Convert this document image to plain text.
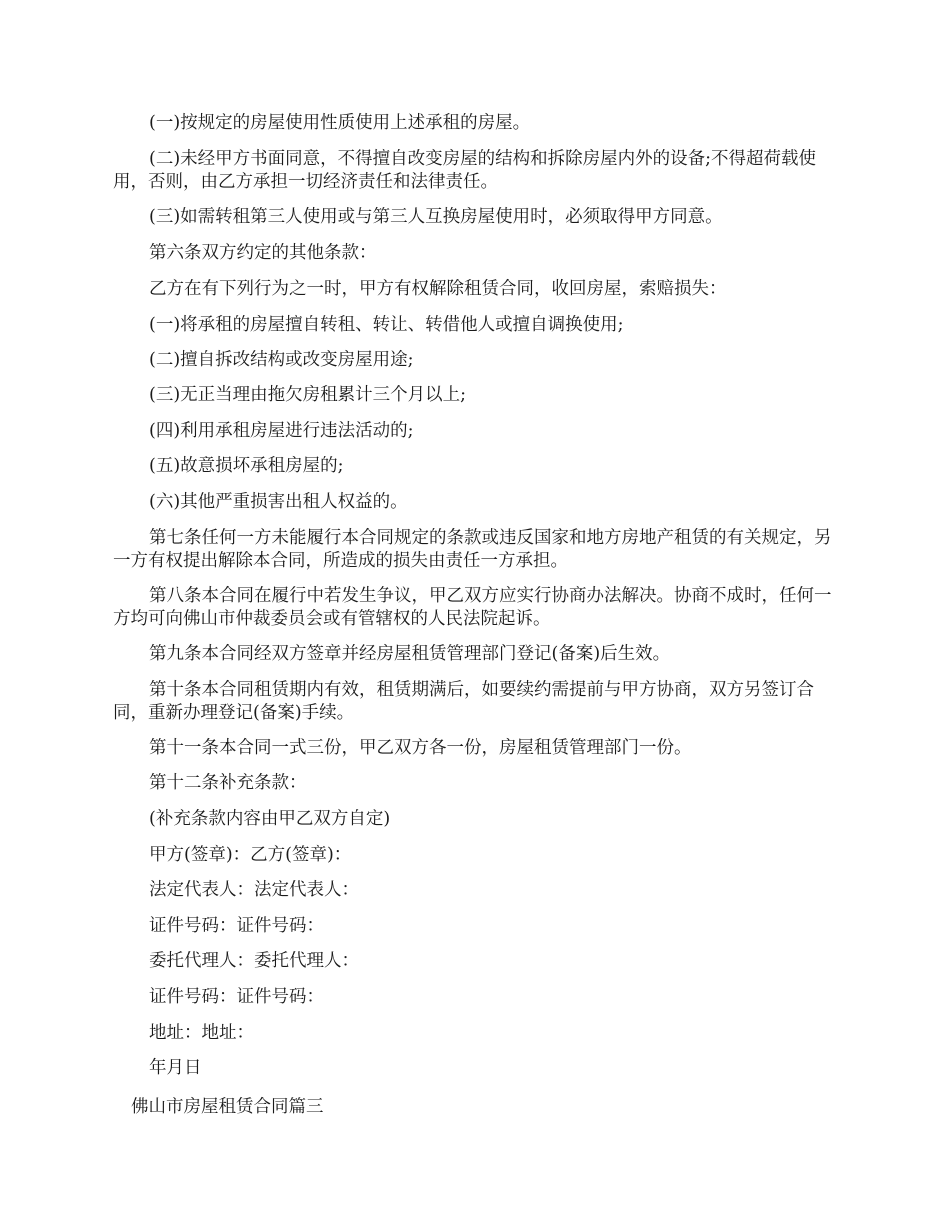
(一)按规定的房屋使用性质使用上述承租的房屋。

(二)未经甲方书面同意，不得擅自改变房屋的结构和拆除房屋内外的设备;不得超荷载使用，否则，由乙方承担一切经济责任和法律责任。

(三)如需转租第三人使用或与第三人互换房屋使用时，必须取得甲方同意。

第六条双方约定的其他条款：

乙方在有下列行为之一时，甲方有权解除租赁合同，收回房屋，索赔损失：

(一)将承租的房屋擅自转租、转让、转借他人或擅自调换使用;

(二)擅自拆改结构或改变房屋用途;

(三)无正当理由拖欠房租累计三个月以上;

(四)利用承租房屋进行违法活动的;

(五)故意损坏承租房屋的;

(六)其他严重损害出租人权益的。

第七条任何一方未能履行本合同规定的条款或违反国家和地方房地产租赁的有关规定，另一方有权提出解除本合同，所造成的损失由责任一方承担。

第八条本合同在履行中若发生争议，甲乙双方应实行协商办法解决。协商不成时，任何一方均可向佛山市仲裁委员会或有管辖权的人民法院起诉。

第九条本合同经双方签章并经房屋租赁管理部门登记(备案)后生效。

第十条本合同租赁期内有效，租赁期满后，如要续约需提前与甲方协商，双方另签订合同，重新办理登记(备案)手续。

第十一条本合同一式三份，甲乙双方各一份，房屋租赁管理部门一份。

第十二条补充条款：

(补充条款内容由甲乙双方自定)

甲方(签章)：乙方(签章)：

法定代表人：法定代表人：

证件号码：证件号码：

委托代理人：委托代理人：

证件号码：证件号码：

地址：地址：

年月日

佛山市房屋租赁合同篇三
